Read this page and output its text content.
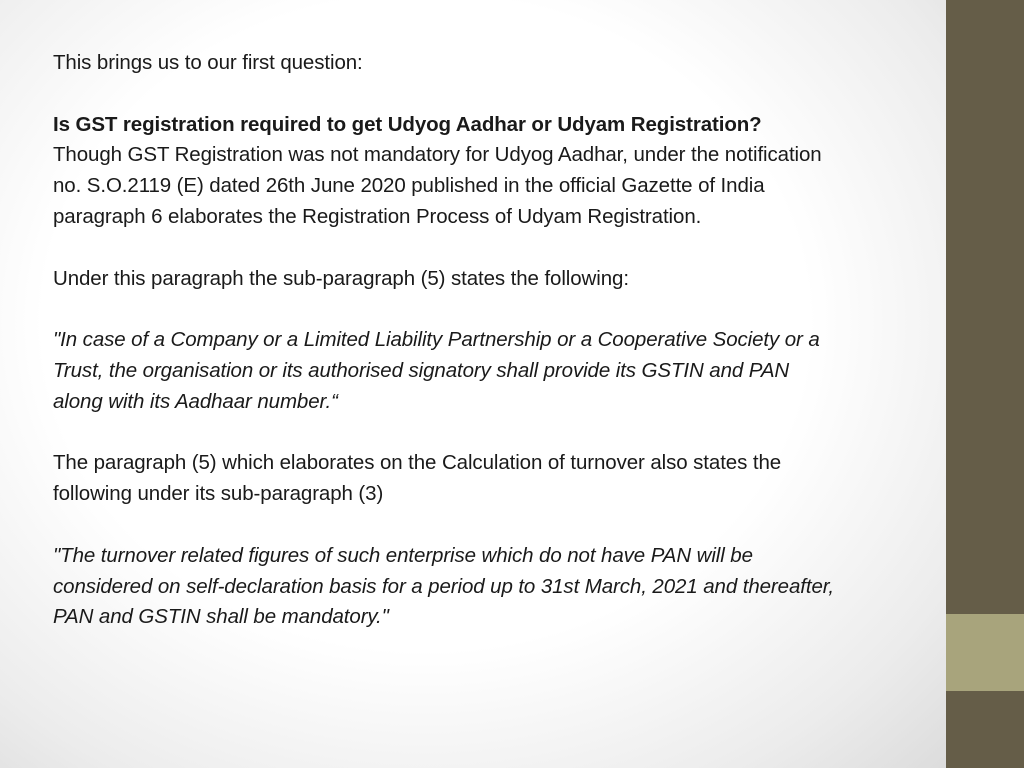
This brings us to our first question:

Is GST registration required to get Udyog Aadhar or Udyam Registration?

Though GST Registration was not mandatory for Udyog Aadhar, under the notification no. S.O.2119 (E) dated 26th June 2020 published in the official Gazette of India paragraph 6 elaborates the Registration Process of Udyam Registration.

Under this paragraph the sub-paragraph (5) states the following:

"In case of a Company or a Limited Liability Partnership or a Cooperative Society or a Trust, the organisation or its authorised signatory shall provide its GSTIN and PAN along with its Aadhaar number.“

The paragraph (5) which elaborates on the Calculation of turnover also states the following under its sub-paragraph (3)

"The turnover related figures of such enterprise which do not have PAN will be considered on self-declaration basis for a period up to 31st March, 2021 and thereafter, PAN and GSTIN shall be mandatory."
